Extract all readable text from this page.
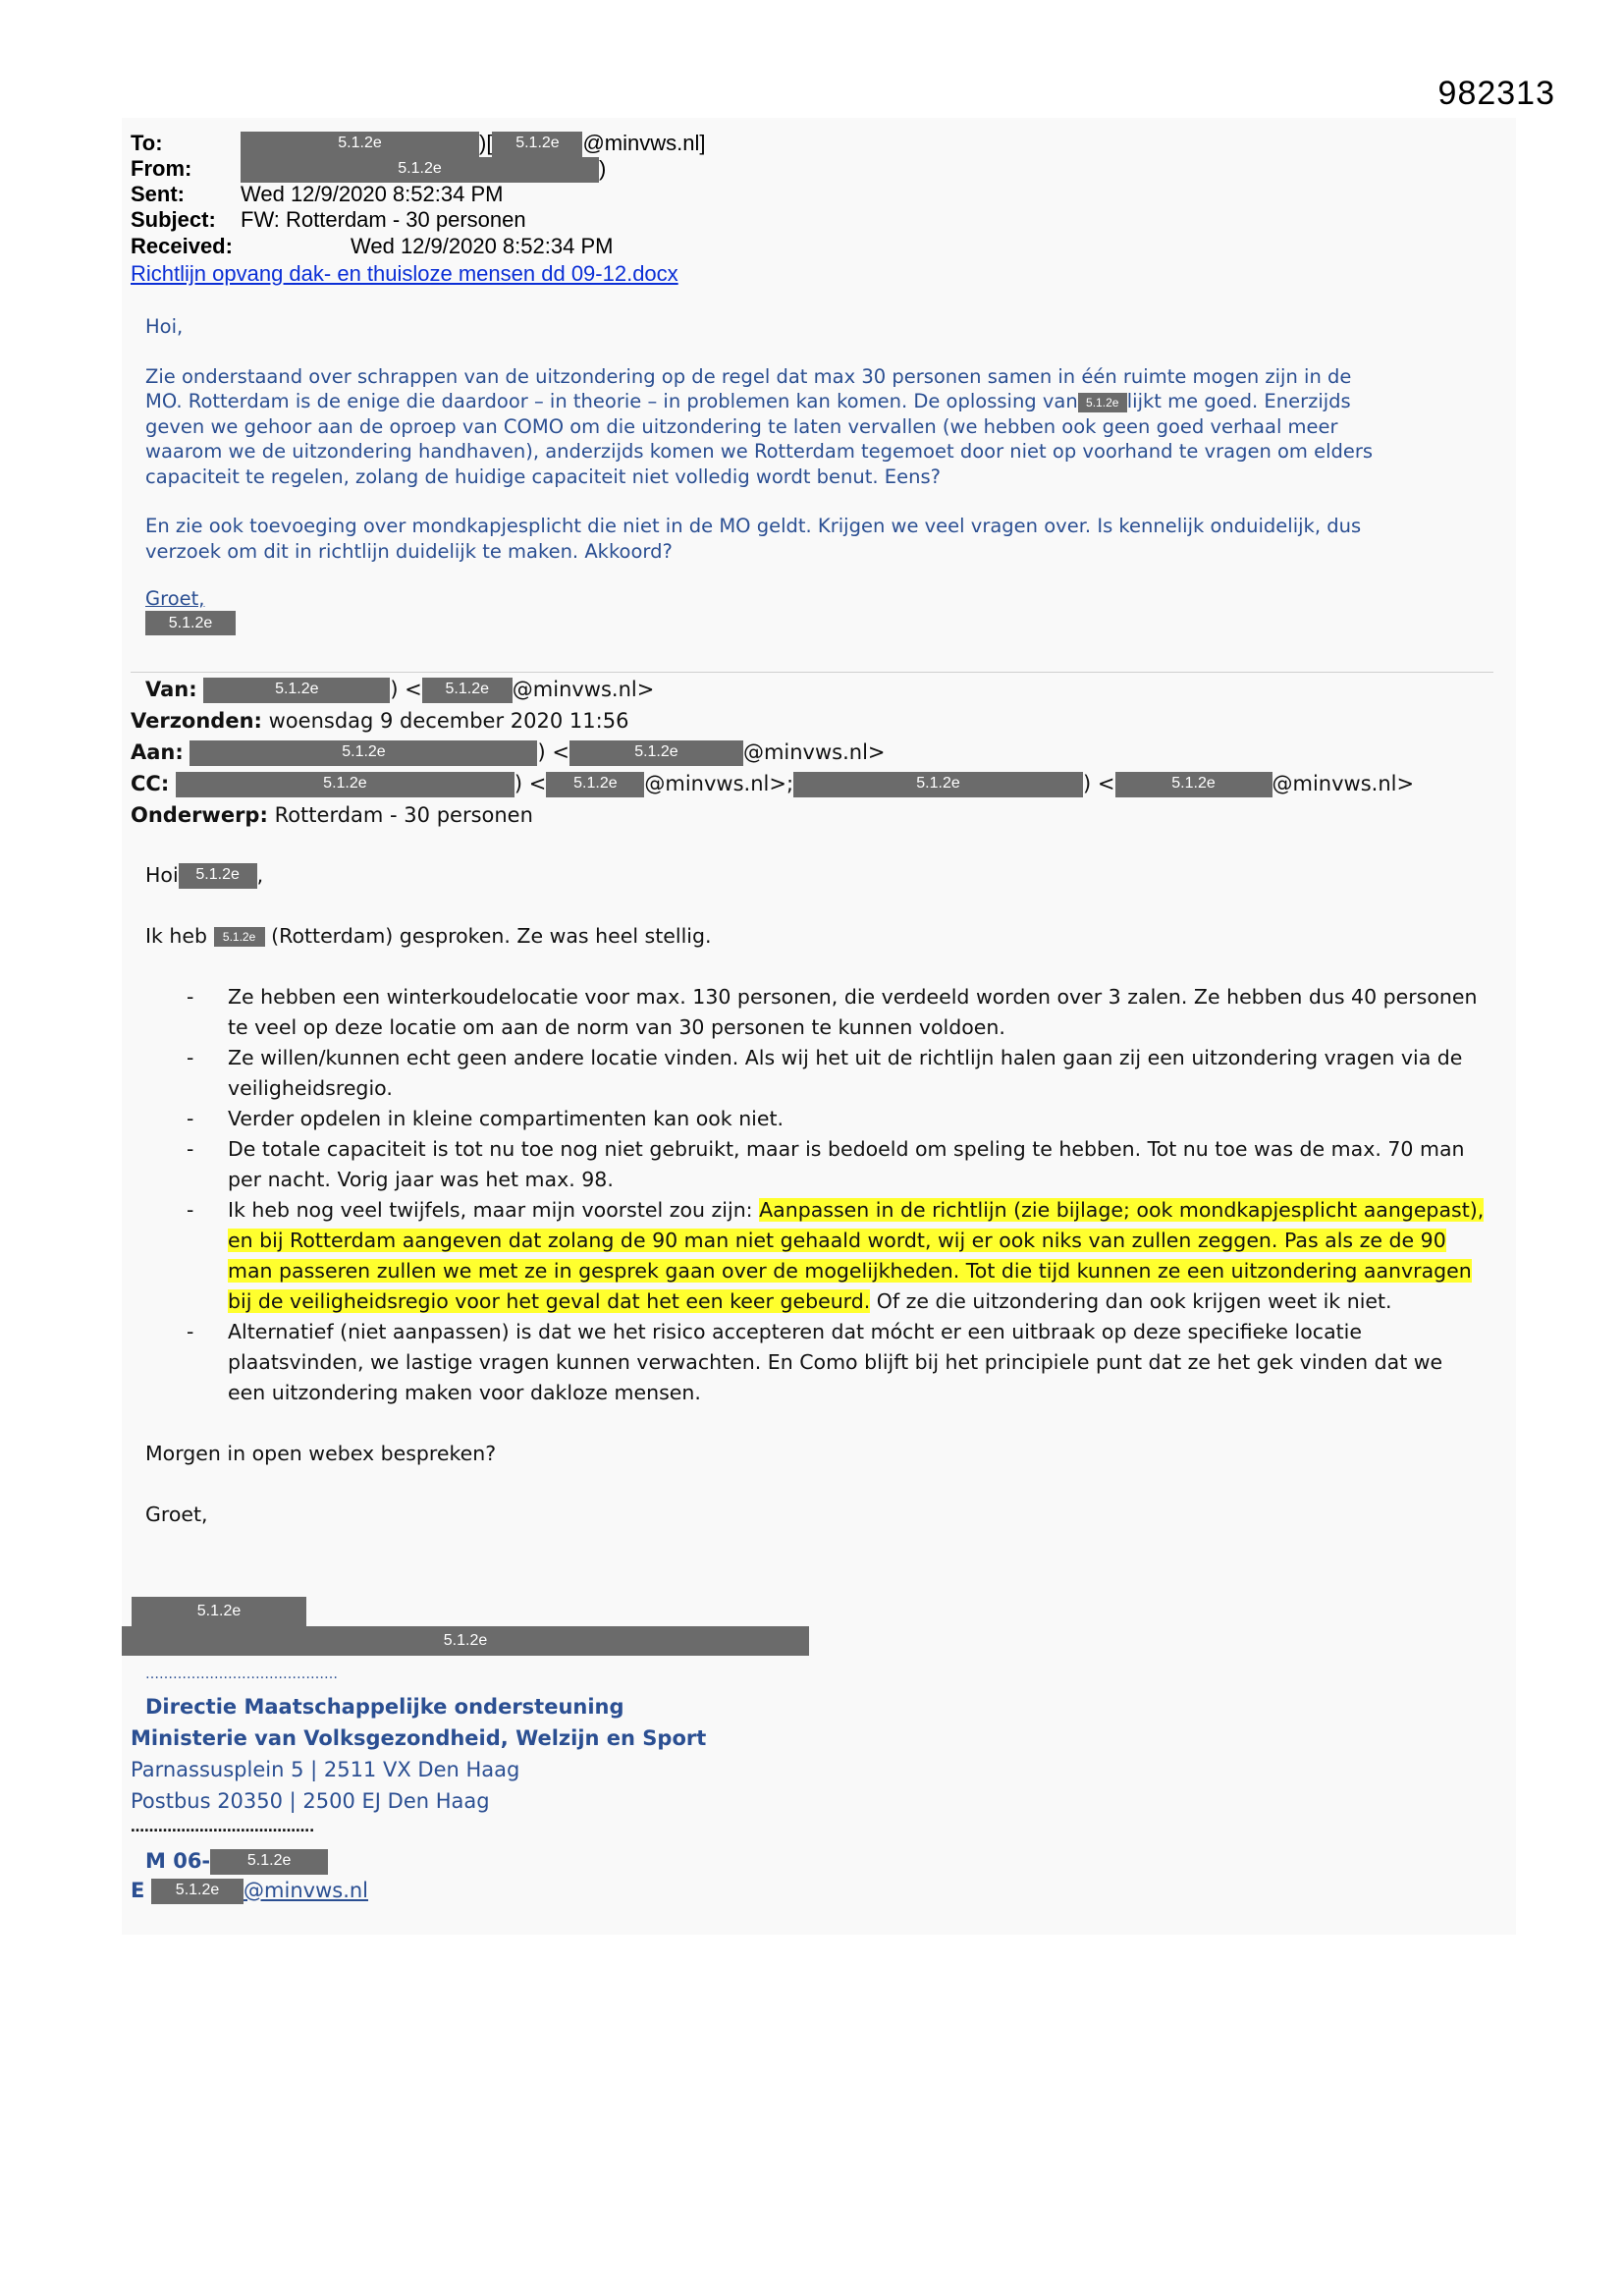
982313
To:	5.1.2e	)[ 5.1.2e @minvws.nl]
From:	5.1.2e	)
Sent:	Wed 12/9/2020 8:52:34 PM
Subject: FW: Rotterdam - 30 personen
Received:	Wed 12/9/2020 8:52:34 PM
Richtlijn opvang dak- en thuisloze mensen dd 09-12.docx
Hoi,
Zie onderstaand over schrappen van de uitzondering op de regel dat max 30 personen samen in één ruimte mogen zijn in de
MO. Rotterdam is de enige die daardoor – in theorie – in problemen kan komen. De oplossing van 5.1.2e lijkt me goed. Enerzijds
geven we gehoor aan de oproep van COMO om die uitzondering te laten vervallen (we hebben ook geen goed verhaal meer
waarom we de uitzondering handhaven), anderzijds komen we Rotterdam tegemoet door niet op voorhand te vragen om elders
capaciteit te regelen, zolang de huidige capaciteit niet volledig wordt benut. Eens?
En zie ook toevoeging over mondkapjesplicht die niet in de MO geldt. Krijgen we veel vragen over. Is kennelijk onduidelijk, dus
verzoek om dit in richtlijn duidelijk te maken. Akkoord?
Groet,
5.1.2e
Van:	5.1.2e	) < 5.1.2e @minvws.nl>
Verzonden: woensdag 9 december 2020 11:56
Aan:	5.1.2e	) <	5.1.2e	@minvws.nl>
CC:	5.1.2e	) < 5.1.2e @minvws.nl>;	5.1.2e	) <	5.1.2e	@minvws.nl>
Onderwerp: Rotterdam - 30 personen
Hoi 5.1.2e ,
Ik heb 5.1.2e (Rotterdam) gesproken. Ze was heel stellig.
- Ze hebben een winterkoudelocatie voor max. 130 personen, die verdeeld worden over 3 zalen. Ze hebben dus 40 personen te veel op deze locatie om aan de norm van 30 personen te kunnen voldoen.
- Ze willen/kunnen echt geen andere locatie vinden. Als wij het uit de richtlijn halen gaan zij een uitzondering vragen via de veiligheidsregio.
- Verder opdelen in kleine compartimenten kan ook niet.
- De totale capaciteit is tot nu toe nog niet gebruikt, maar is bedoeld om speling te hebben. Tot nu toe was de max. 70 man per nacht. Vorig jaar was het max. 98.
- Ik heb nog veel twijfels, maar mijn voorstel zou zijn: Aanpassen in de richtlijn (zie bijlage; ook mondkapjesplicht aangepast), en bij Rotterdam aangeven dat zolang de 90 man niet gehaald wordt, wij er ook niks van zullen zeggen. Pas als ze de 90 man passeren zullen we met ze in gesprek gaan over de mogelijkheden. Tot die tijd kunnen ze een uitzondering aanvragen bij de veiligheidsregio voor het geval dat het een keer gebeurd. Of ze die uitzondering dan ook krijgen weet ik niet.
- Alternatief (niet aanpassen) is dat we het risico accepteren dat mócht er een uitbraak op deze specifieke locatie plaatsvinden, we lastige vragen kunnen verwachten. En Como blijft bij het principiele punt dat ze het gek vinden dat we een uitzondering maken voor dakloze mensen.
Morgen in open webex bespreken?
Groet,
5.1.2e
5.1.2e
……………………………………
Directie Maatschappelijke ondersteuning
Ministerie van Volksgezondheid, Welzijn en Sport
Parnassusplein 5 | 2511 VX Den Haag
Postbus 20350 | 2500 EJ Den Haag
………………………………….
M 06- 5.1.2e
E 5.1.2e @minvws.nl
